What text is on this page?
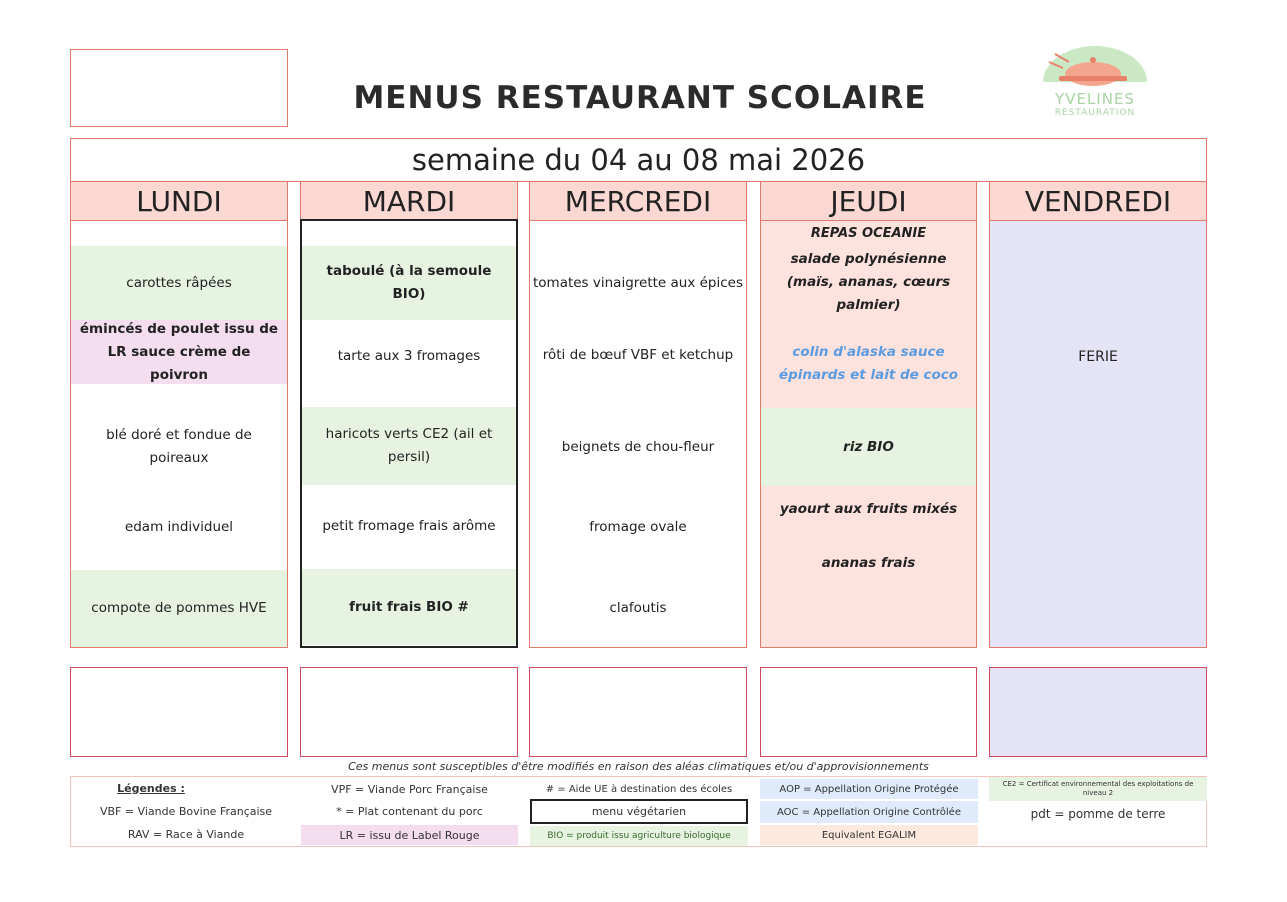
MENUS RESTAURANT SCOLAIRE	YVELINES
RESTAURATION
semaine du 04 au 08 mai 2026
LUNDI
carottes râpées
émincés de poulet issu de LR sauce crème de poivron
blé doré et fondue de poireaux
edam individuel
compote de pommes HVE
MARDI
taboulé (à la semoule BIO)
tarte aux 3 fromages
haricots verts CE2 (ail et persil)
petit fromage frais arôme
fruit frais BIO #
MERCREDI
tomates vinaigrette aux épices
rôti de bœuf VBF et ketchup
beignets de chou-fleur
fromage ovale
clafoutis
JEUDI
REPAS OCEANIE
salade polynésienne (maïs, ananas, cœurs palmier)
colin d'alaska sauce épinards et lait de coco
riz BIO
yaourt aux fruits mixés
ananas frais
VENDREDI
FERIE
Ces menus sont susceptibles d'être modifiés en raison des aléas climatiques et/ou d'approvisionnements
Légendes :
VBF = Viande Bovine Française
RAV = Race à Viande
VPF = Viande Porc Française
* = Plat contenant du porc
LR = issu de Label Rouge
# = Aide UE à destination des écoles
menu végétarien
BIO = produit issu agriculture biologique
AOP = Appellation Origine Protégée
AOC = Appellation Origine Contrôlée
Equivalent EGALIM
CE2 = Certificat environnemental des exploitations de niveau 2
pdt = pomme de terre
